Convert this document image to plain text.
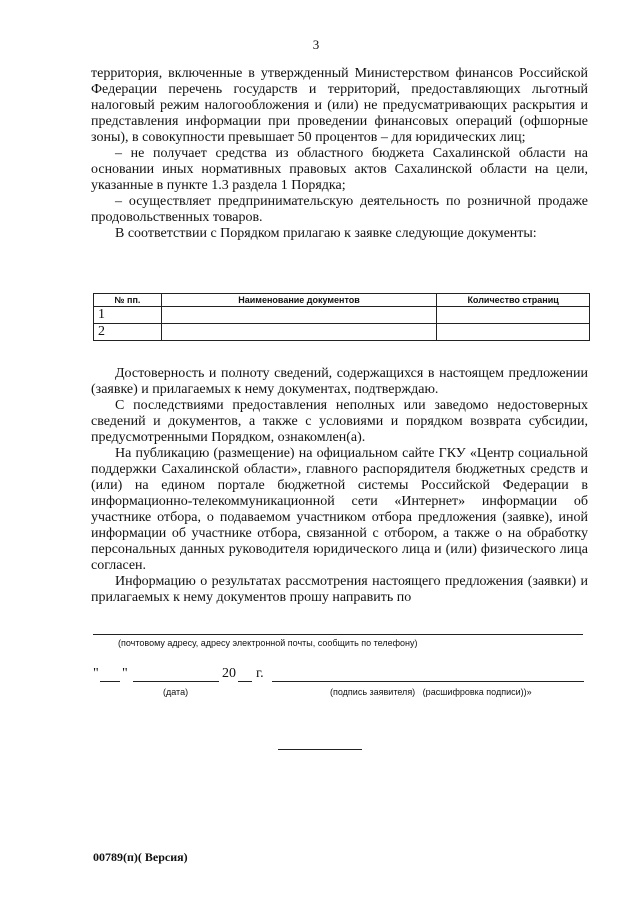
3

территория, включенные в утвержденный Министерством финансов Российской Федерации перечень государств и территорий, предоставляющих льготный налоговый режим налогообложения и (или) не предусматривающих раскрытия и представления информации при проведении финансовых операций (офшорные зоны), в совокупности превышает 50 процентов – для юридических лиц;

– не получает средства из областного бюджета Сахалинской области на основании иных нормативных правовых актов Сахалинской области на цели, указанные в пункте 1.3 раздела 1 Порядка;

– осуществляет предпринимательскую деятельность по розничной продаже продовольственных товаров.

В соответствии с Порядком прилагаю к заявке следующие документы:

№ пп.	Наименование документов	Количество страниц
1		
2		

Достоверность и полноту сведений, содержащихся в настоящем предложении (заявке) и прилагаемых к нему документах, подтверждаю.

С последствиями предоставления неполных или заведомо недостоверных сведений и документов, а также с условиями и порядком возврата субсидии, предусмотренными Порядком, ознакомлен(а).

На публикацию (размещение) на официальном сайте ГКУ «Центр социальной поддержки Сахалинской области», главного распорядителя бюджетных средств и (или) на едином портале бюджетной системы Российской Федерации в информационно-телекоммуникационной сети «Интернет» информации об участнике отбора, о подаваемом участником отбора предложения (заявке), иной информации об участнике отбора, связанной с отбором, а также о на обработку персональных данных руководителя юридического лица и (или) физического лица согласен.

Информацию о результатах рассмотрения настоящего предложения (заявки) и прилагаемых к нему документов прошу направить по

(почтовому адресу, адресу электронной почты, сообщить по телефону)
" "	20 г.
(дата)	(подпись заявителя)   (расшифровка подписи))»
00789(п)( Версия)
